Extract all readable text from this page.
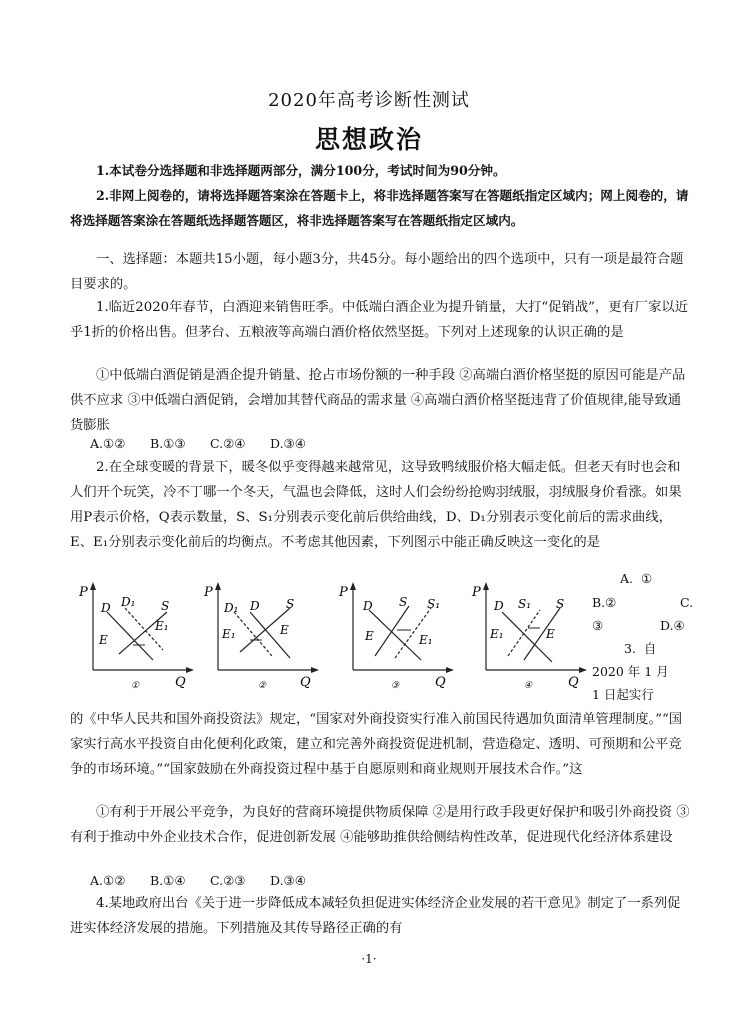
2020年高考诊断性测试
思想政治

1.本试卷分选择题和非选择题两部分，满分100分，考试时间为90分钟。

2.非网上阅卷的，请将选择题答案涂在答题卡上，将非选择题答案写在答题纸指定区域内；网上阅卷的，请将选择题答案涂在答题纸选择题答题区，将非选择题答案写在答题纸指定区域内。

一、选择题：本题共15小题，每小题3分，共45分。每小题给出的四个选项中，只有一项是最符合题目要求的。

1.临近2020年春节，白酒迎来销售旺季。中低端白酒企业为提升销量，大打“促销战”，更有厂家以近乎1折的价格出售。但茅台、五粮液等高端白酒价格依然坚挺。下列对上述现象的认识正确的是

①中低端白酒促销是酒企提升销量、抢占市场份额的一种手段 ②高端白酒价格坚挺的原因可能是产品供不应求 ③中低端白酒促销，会增加其替代商品的需求量 ④高端白酒价格坚挺违背了价值规律,能导致通货膨胀

A.①② B.①③ C.②④ D.③④

2.在全球变暖的背景下，暖冬似乎变得越来越常见，这导致鸭绒服价格大幅走低。但老天有时也会和人们开个玩笑，冷不丁哪一个冬天，气温也会降低，这时人们会纷纷抢购羽绒服，羽绒服身价看涨。如果用P表示价格，Q表示数量，S、S₁分别表示变化前后供给曲线，D、D₁分别表示变化前后的需求曲线，E、E₁分别表示变化前后的均衡点。不考虑其他因素，下列图示中能正确反映这一变化的是

P
Q
D D₁ S
E
E₁
①
P
Q
D₁ D S
E₁	E
②
P
Q
D S S₁
E	E₁
③
P
Q
D S₁ S
E₁	E
④
A.  ①
B.②	C.
③	D.④
3.  自
2020 年 1 月
1 日起实行

的《中华人民共和国外商投资法》规定，“国家对外商投资实行准入前国民待遇加负面清单管理制度。”“国家实行高水平投资自由化便利化政策，建立和完善外商投资促进机制，营造稳定、透明、可预期和公平竞争的市场环境。”“国家鼓励在外商投资过程中基于自愿原则和商业规则开展技术合作。”这

①有利于开展公平竞争，为良好的营商环境提供物质保障 ②是用行政手段更好保护和吸引外商投资 ③有利于推动中外企业技术合作，促进创新发展 ④能够助推供给侧结构性改革，促进现代化经济体系建设

A.①② B.①④ C.②③ D.③④

4.某地政府出台《关于进一步降低成本减轻负担促进实体经济企业发展的若干意见》制定了一系列促进实体经济发展的措施。下列措施及其传导路径正确的有

·1·
